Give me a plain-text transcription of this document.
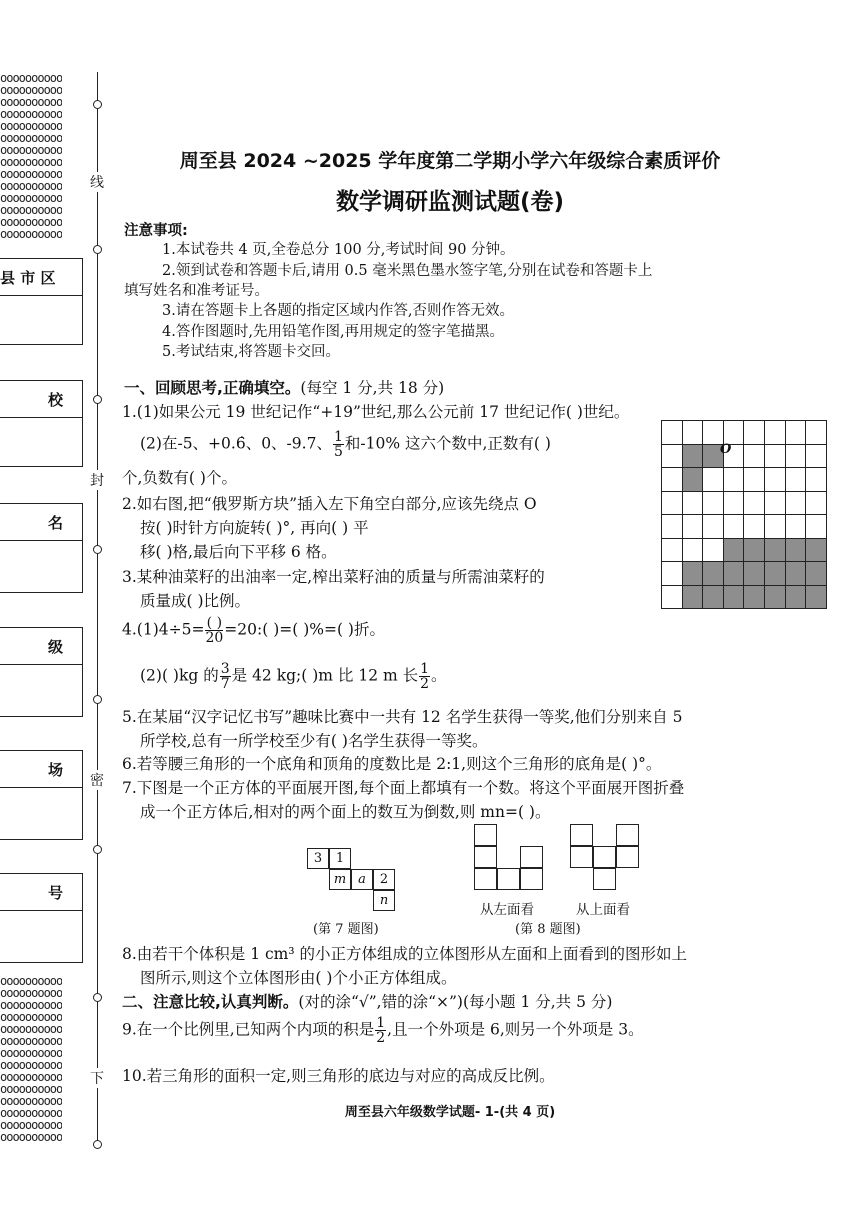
oooooooooo
oooooooooo
oooooooooo
oooooooooo
oooooooooo
oooooooooo
oooooooooo
oooooooooo
oooooooooo
oooooooooo
oooooooooo
oooooooooo
oooooooooo
oooooooooo
oooooooooo
oooooooooo
oooooooooo
oooooooooo
oooooooooo
oooooooooo
oooooooooo
oooooooooo
oooooooooo
oooooooooo
oooooooooo
oooooooooo
oooooooooo
oooooooooo
县 市 区
校
名
级
场
号
线
封
密
下
周至县 2024 ~2025 学年度第二学期小学六年级综合素质评价
数学调研监测试题(卷)
注意事项:
1.本试卷共 4 页,全卷总分 100 分,考试时间 90 分钟。
2.领到试卷和答题卡后,请用 0.5 毫米黑色墨水签字笔,分别在试卷和答题卡上
填写姓名和准考证号。
3.请在答题卡上各题的指定区域内作答,否则作答无效。
4.答作图题时,先用铅笔作图,再用规定的签字笔描黑。
5.考试结束,将答题卡交回。
一、回顾思考,正确填空。(每空 1 分,共 18 分)
1.(1)如果公元 19 世纪记作“+19”世纪,那么公元前 17 世纪记作( )世纪。
(2)在-5、+0.6̇、0、-9.7、 $\frac{1}{5}$ 和-10% 这六个数中,正数有( )
个,负数有( )个。
2.如右图,把“俄罗斯方块”插入左下角空白部分,应该先绕点 O
按( )时针方向旋转( )°, 再向( ) 平
移( )格,最后向下平移 6 格。
3.某种油菜籽的出油率一定,榨出菜籽油的质量与所需油菜籽的
质量成( )比例。
O
$4.(1)4\div 5= \frac{( )}{20}$ =20:( )=( )%=( )折。
(2)( )kg 的 $\frac{3}{7}$ 是 42 kg;( )m 比 12 m 长 $\frac{1}{2}$ 。
5.在某届“汉字记忆书写”趣味比赛中一共有 12 名学生获得一等奖,他们分别来自 5
所学校,总有一所学校至少有( )名学生获得一等奖。
6.若等腰三角形的一个底角和顶角的度数比是 2:1,则这个三角形的底角是( )°。
7.下图是一个正方体的平面展开图,每个面上都填有一个数。将这个平面展开图折叠
成一个正方体后,相对的两个面上的数互为倒数,则 mn=( )。
3	1
m a	2
n
(第 7 题图)
从左面看	从上面看
(第 8 题图)
8.由若干个体积是 1 cm³ 的小正方体组成的立体图形从左面和上面看到的图形如上
图所示,则这个立体图形由( )个小正方体组成。
二、注意比较,认真判断。(对的涂“√”,错的涂“×”)(每小题 1 分,共 5 分)
9.在一个比例里,已知两个内项的积是 $\frac{1}{2}$ ,且一个外项是 6,则另一个外项是 3。
10.若三角形的面积一定,则三角形的底边与对应的高成反比例。
周至县六年级数学试题- 1-(共 4 页)
